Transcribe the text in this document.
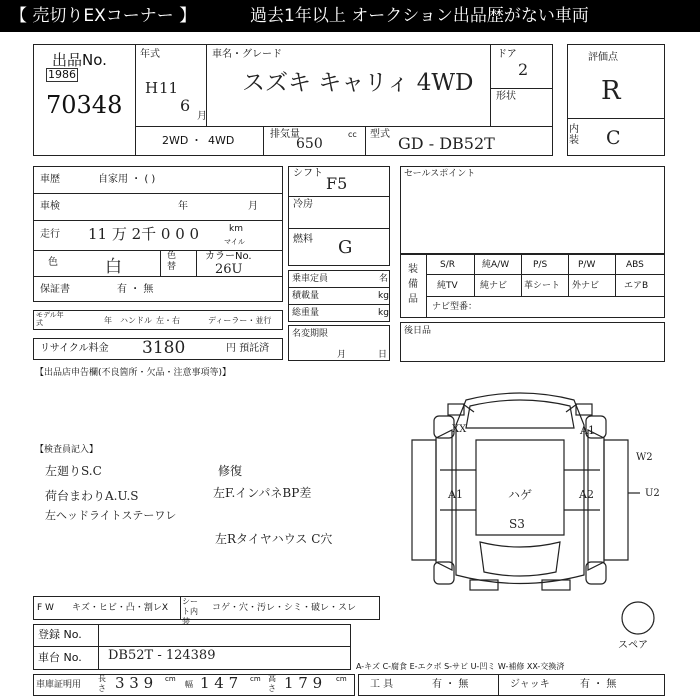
【 売切りEXコーナー 】	過去1年以上 オークション出品歴がない車両
出品No.
1986
70348
年式
H 11
6
月
車名・グレード
スズキ キャリィ 4WD
ドア
2
形状
評価点
R
内装 C
2WD ・ 4WD	排気量	cc
650
型式 GD - DB52T
車歴	自家用 ・ ( )
車検	年	月
走行 11 万 2千 0 0 0	km
マイル
色	白
色替
カラーNo.
26U
保証書	有 ・ 無
モデル年式	年 ハンドル 左・右	ディーラー・並行
リサイクル料金 3180	円 預託済
シフト
F5
冷房
燃料 G
乗車定員	名
積載量	kg
総重量	kg
名変期限
月	日
セールスポイント
装備品
S/R	純A/W	P/S	P/W	ABS
純TV 純ナビ 革シート 外ナビ	エアB
ナビ型番：
後日品
【出品店申告欄(不良箇所・欠品・注意事項等)】
【検査員記入】
左廻りS.C
荷台まわりA.U.S
左ヘッドライトステーワレ
修復
左F.インパネBP差
左Rタイヤハウス C穴
XX	A1
W2
U2
A1	ハゲ	A2
S3
スペア
F W キズ・ヒビ・凸・割レX
シート内装
コゲ・穴・汚レ・シミ・破レ・スレ
登録 No.
車台 No. DB52T - 124389
A-キズ C-腐食 E-エクボ S-サビ U-凹ミ W-補修 XX-交換済
車庫証明用
長さ 3 3 9 cm
幅 1 4 7 cm 高さ 1 7 9 cm 工 具	有 ・ 無	ジャッキ	有 ・ 無
